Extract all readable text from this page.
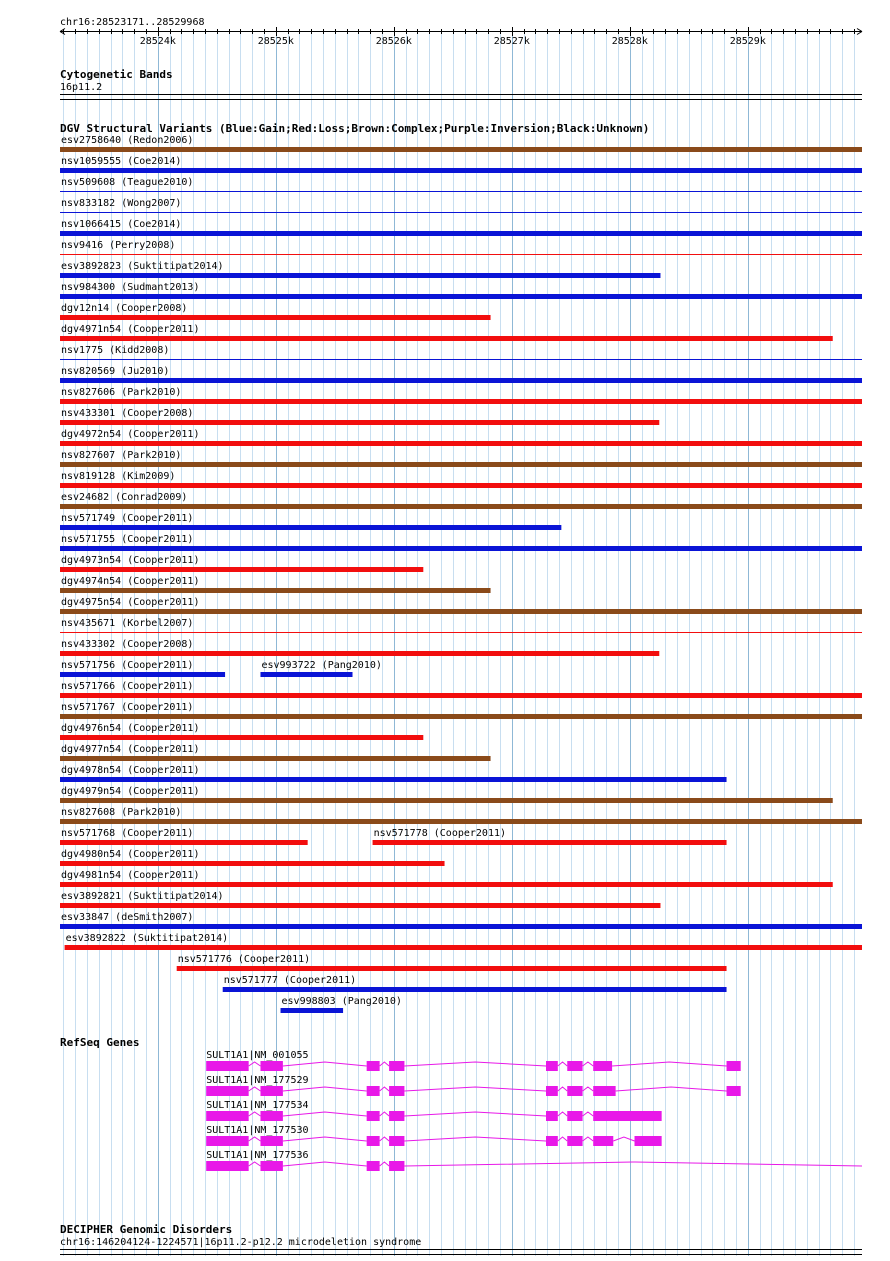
chr16:28523171..28529968
28524k	28525k	28526k	28527k	28528k	28529k
Cytogenetic Bands
16p11.2
DGV Structural Variants (Blue:Gain;Red:Loss;Brown:Complex;Purple:Inversion;Black:Unknown)
esv2758640 (Redon2006)
nsv1059555 (Coe2014)
nsv509608 (Teague2010)
nsv833182 (Wong2007)
nsv1066415 (Coe2014)
nsv9416 (Perry2008)
esv3892823 (Suktitipat2014)
nsv984300 (Sudmant2013)
dgv12n14 (Cooper2008)
dgv4971n54 (Cooper2011)
nsv1775 (Kidd2008)
nsv820569 (Ju2010)
nsv827606 (Park2010)
nsv433301 (Cooper2008)
dgv4972n54 (Cooper2011)
nsv827607 (Park2010)
nsv819128 (Kim2009)
esv24682 (Conrad2009)
nsv571749 (Cooper2011)
nsv571755 (Cooper2011)
dgv4973n54 (Cooper2011)
dgv4974n54 (Cooper2011)
dgv4975n54 (Cooper2011)
nsv435671 (Korbel2007)
nsv433302 (Cooper2008)
nsv571756 (Cooper2011)	esv993722 (Pang2010)
nsv571766 (Cooper2011)
nsv571767 (Cooper2011)
dgv4976n54 (Cooper2011)
dgv4977n54 (Cooper2011)
dgv4978n54 (Cooper2011)
dgv4979n54 (Cooper2011)
nsv827608 (Park2010)
nsv571768 (Cooper2011)	nsv571778 (Cooper2011)
dgv4980n54 (Cooper2011)
dgv4981n54 (Cooper2011)
esv3892821 (Suktitipat2014)
esv33847 (deSmith2007)
esv3892822 (Suktitipat2014)
nsv571776 (Cooper2011)
nsv571777 (Cooper2011)
esv998803 (Pang2010)
RefSeq Genes
SULT1A1|NM_001055
SULT1A1|NM_177529
SULT1A1|NM_177534
SULT1A1|NM_177530
SULT1A1|NM_177536
DECIPHER Genomic Disorders
chr16:146204124-1224571|16p11.2-p12.2 microdeletion syndrome
